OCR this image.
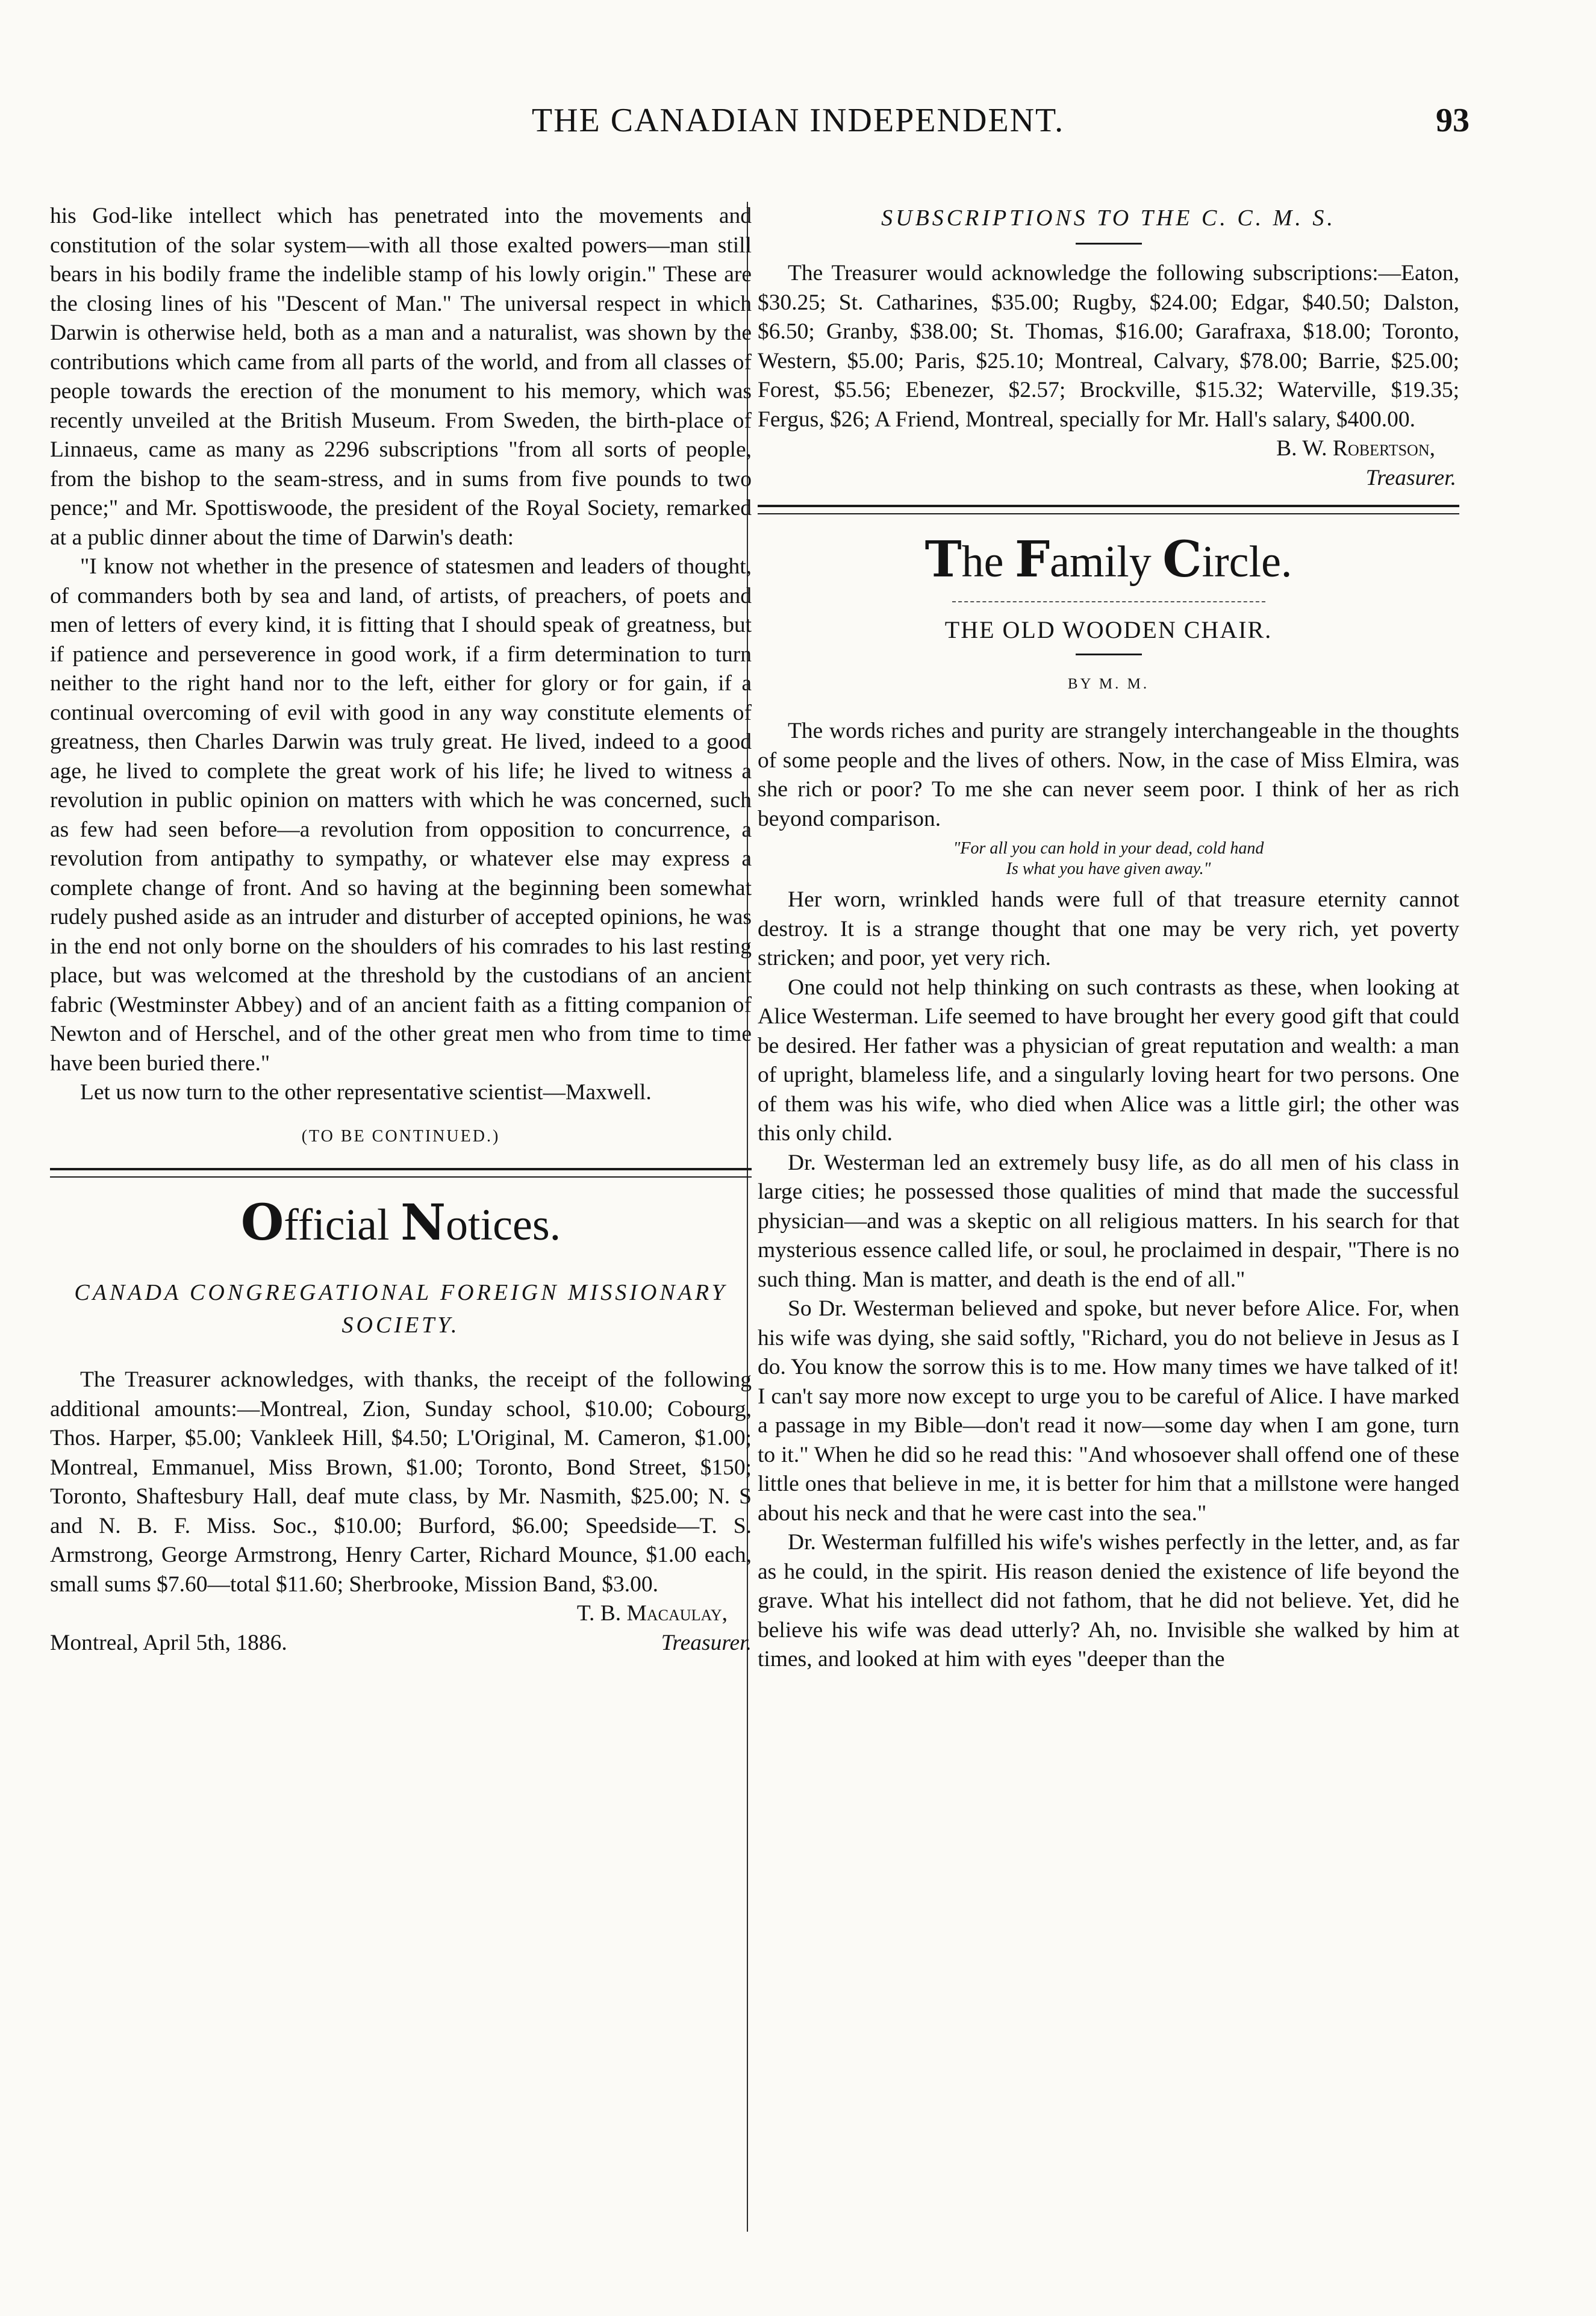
THE CANADIAN INDEPENDENT.	93

his God-like intellect which has penetrated into the movements and constitution of the solar system—with all those exalted powers—man still bears in his bodily frame the indelible stamp of his lowly origin." These are the closing lines of his "Descent of Man." The universal respect in which Darwin is otherwise held, both as a man and a naturalist, was shown by the contributions which came from all parts of the world, and from all classes of people towards the erection of the monument to his memory, which was recently unveiled at the British Museum. From Sweden, the birth-place of Linnaeus, came as many as 2296 subscriptions "from all sorts of people, from the bishop to the seam-stress, and in sums from five pounds to two pence;" and Mr. Spottiswoode, the president of the Royal Society, remarked at a public dinner about the time of Darwin's death:

"I know not whether in the presence of statesmen and leaders of thought, of commanders both by sea and land, of artists, of preachers, of poets and men of letters of every kind, it is fitting that I should speak of greatness, but if patience and perseverence in good work, if a firm determination to turn neither to the right hand nor to the left, either for glory or for gain, if a continual overcoming of evil with good in any way constitute elements of greatness, then Charles Darwin was truly great. He lived, indeed to a good age, he lived to complete the great work of his life; he lived to witness a revolution in public opinion on matters with which he was concerned, such as few had seen before—a revolution from opposition to concurrence, a revolution from antipathy to sympathy, or whatever else may express a complete change of front. And so having at the beginning been somewhat rudely pushed aside as an intruder and disturber of accepted opinions, he was in the end not only borne on the shoulders of his comrades to his last resting place, but was welcomed at the threshold by the custodians of an ancient fabric (Westminster Abbey) and of an ancient faith as a fitting companion of Newton and of Herschel, and of the other great men who from time to time have been buried there."

Let us now turn to the other representative scientist—Maxwell.

(TO BE CONTINUED.)
Official Notices.
CANADA CONGREGATIONAL FOREIGN MISSIONARY SOCIETY.

The Treasurer acknowledges, with thanks, the receipt of the following additional amounts:—Montreal, Zion, Sunday school, $10.00; Cobourg, Thos. Harper, $5.00; Vankleek Hill, $4.50; L'Original, M. Cameron, $1.00; Montreal, Emmanuel, Miss Brown, $1.00; Toronto, Bond Street, $150; Toronto, Shaftesbury Hall, deaf mute class, by Mr. Nasmith, $25.00; N. S and N. B. F. Miss. Soc., $10.00; Burford, $6.00; Speedside—T. S. Armstrong, George Armstrong, Henry Carter, Richard Mounce, $1.00 each, small sums $7.60—total $11.60; Sherbrooke, Mission Band, $3.00.

T. B. Macaulay,

Montreal, April 5th, 1886.	Treasurer.
SUBSCRIPTIONS TO THE C. C. M. S.

The Treasurer would acknowledge the following subscriptions:—Eaton, $30.25; St. Catharines, $35.00; Rugby, $24.00; Edgar, $40.50; Dalston, $6.50; Granby, $38.00; St. Thomas, $16.00; Garafraxa, $18.00; Toronto, Western, $5.00; Paris, $25.10; Montreal, Calvary, $78.00; Barrie, $25.00; Forest, $5.56; Ebenezer, $2.57; Brockville, $15.32; Waterville, $19.35; Fergus, $26; A Friend, Montreal, specially for Mr. Hall's salary, $400.00.

B. W. Robertson,

Treasurer.

The Family Circle.
THE OLD WOODEN CHAIR.
BY M. M.

The words riches and purity are strangely interchangeable in the thoughts of some people and the lives of others. Now, in the case of Miss Elmira, was she rich or poor? To me she can never seem poor. I think of her as rich beyond comparison.

"For all you can hold in your dead, cold hand
Is what you have given away."

Her worn, wrinkled hands were full of that treasure eternity cannot destroy. It is a strange thought that one may be very rich, yet poverty stricken; and poor, yet very rich.

One could not help thinking on such contrasts as these, when looking at Alice Westerman. Life seemed to have brought her every good gift that could be desired. Her father was a physician of great reputation and wealth: a man of upright, blameless life, and a singularly loving heart for two persons. One of them was his wife, who died when Alice was a little girl; the other was this only child.

Dr. Westerman led an extremely busy life, as do all men of his class in large cities; he possessed those qualities of mind that made the successful physician—and was a skeptic on all religious matters. In his search for that mysterious essence called life, or soul, he proclaimed in despair, "There is no such thing. Man is matter, and death is the end of all."

So Dr. Westerman believed and spoke, but never before Alice. For, when his wife was dying, she said softly, "Richard, you do not believe in Jesus as I do. You know the sorrow this is to me. How many times we have talked of it! I can't say more now except to urge you to be careful of Alice. I have marked a passage in my Bible—don't read it now—some day when I am gone, turn to it." When he did so he read this: "And whosoever shall offend one of these little ones that believe in me, it is better for him that a millstone were hanged about his neck and that he were cast into the sea."

Dr. Westerman fulfilled his wife's wishes perfectly in the letter, and, as far as he could, in the spirit. His reason denied the existence of life beyond the grave. What his intellect did not fathom, that he did not believe. Yet, did he believe his wife was dead utterly? Ah, no. Invisible she walked by him at times, and looked at him with eyes "deeper than the
